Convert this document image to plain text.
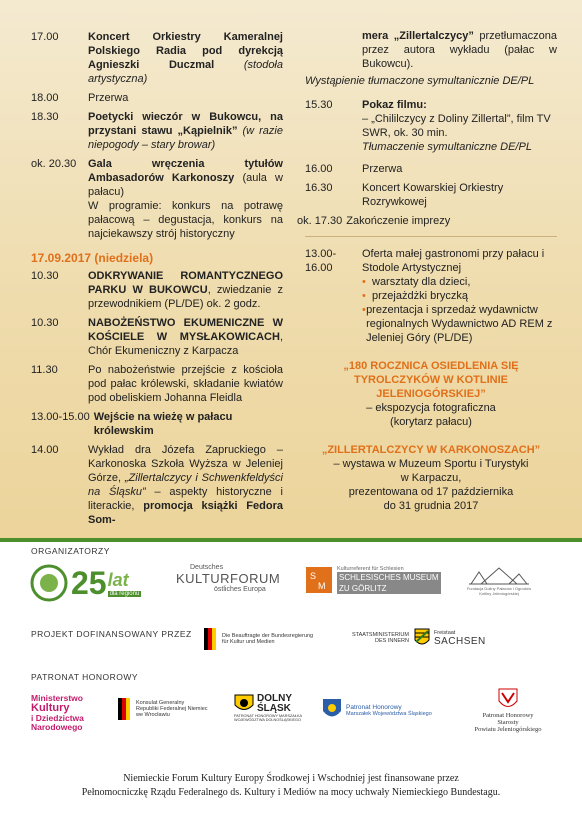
17.00	Koncert Orkiestry Kameralnej Polskiego Radia pod dyrekcją Agnieszki Duczmal	(stodoła artystyczna)
18.00	Przerwa
18.30	Poetycki wieczór w Bukowcu, na przystani stawu „Kąpielnik” (w razie niepogody – stary browar)
ok. 20.30	Gala wręczenia tytułów Ambasadorów Karkonoszy (aula w pałacu)
W programie: konkurs na potrawę pałacową – degustacja, konkurs na najciekawszy strój historyczny
17.09.2017 (niedziela)
10.30	ODKRYWANIE ROMANTYCZNEGO PARKU W BUKOWCU, zwiedzanie z przewodnikiem (PL/DE) ok. 2 godz.
10.30	NABOŻEŃSTWO EKUMENICZNE W KOŚCIELE W MYSŁAKOWICACH, Chór Ekumeniczny z Karpacza
11.30	Po nabożeństwie przejście z kościoła pod pałac królewski, składanie kwiatów pod obeliskiem Johanna Fleidla
13.00-15.00 Wejście na wieżę w pałacu królewskim
14.00	Wykład dra Józefa Zapruckiego – Karkonoska Szkoła Wyższa w Jeleniej Górze, „Zillertalczycy i Schwenkfeldyści na Śląsku” – aspekty historyczne i literackie, promocja książki Fedora Som-
mera „Zillertalczycy” przetłumaczona przez autora wykładu (pałac w Bukowcu).
Wystąpienie tłumaczone symultanicznie DE/PL
15.30	Pokaz filmu:
– „Chililczycy z Doliny Zillertal”, film TV SWR, ok. 30 min.
Tłumaczenie symultaniczne DE/PL
16.00	Przerwa
16.30	Koncert Kowarskiej Orkiestry Rozrywkowej
ok. 17.30 Zakończenie imprezy
13.00-16.00
Oferta małej gastronomi przy pałacu i Stodole Artystycznej
• warsztaty dla dzieci,
• przejażdżki bryczką
• prezentacja i sprzedaż wydawnictw regionalnych Wydawnictwo AD REM z Jeleniej Góry (PL/DE)
„180 ROCZNICA OSIEDLENIA SIĘ TYROLCZYKÓW W KOTLINIE JELENIOGÓRSKIEJ”
– ekspozycja fotograficzna
(korytarz pałacu)
„ZILLERTALCZYCY W KARKONOSZACH”
– wystawa w Muzeum Sportu i Turystyki
w Karpaczu,
prezentowana od 17 października
do 31 grudnia 2017
ORGANIZATORZY
25 lat
dla regionu
Deutsches
KULTURFORUM
östliches Europa
S
M
Kulturreferent für Schlesien
SCHLESISCHES MUSEUM
ZU GÖRLITZ	Fundacja Doliny Pałaców i Ogrodów Kotliny Jeleniogórskiej
PROJEKT DOFINANSOWANY PRZEZ	Die Beauftragte der Bundesregierung
für Kultur und Medien
STAATSMINISTERIUM
DES INNERN
Freistaat
SACHSEN
PATRONAT HONOROWY
Ministerstwo
Kultury
i Dziedzictwa
Narodowego
Konsulat Generalny
Republiki Federalnej Niemiec
we Wrocławiu
DOLNY
ŚLĄSK
PATRONAT HONOROWY MARSZAŁKA
WOJEWÓDZTWA DOLNOŚLĄSKIEGO
Patronat Honorowy
Marszałek Województwa Śląskiego	Patronat Honorowy
Starosty
Powiatu Jeleniogórskiego
Niemieckie Forum Kultury Europy Środkowej i Wschodniej jest finansowane przez
Pełnomocniczkę Rządu Federalnego ds. Kultury i Mediów na mocy uchwały Niemieckiego Bundestagu.
